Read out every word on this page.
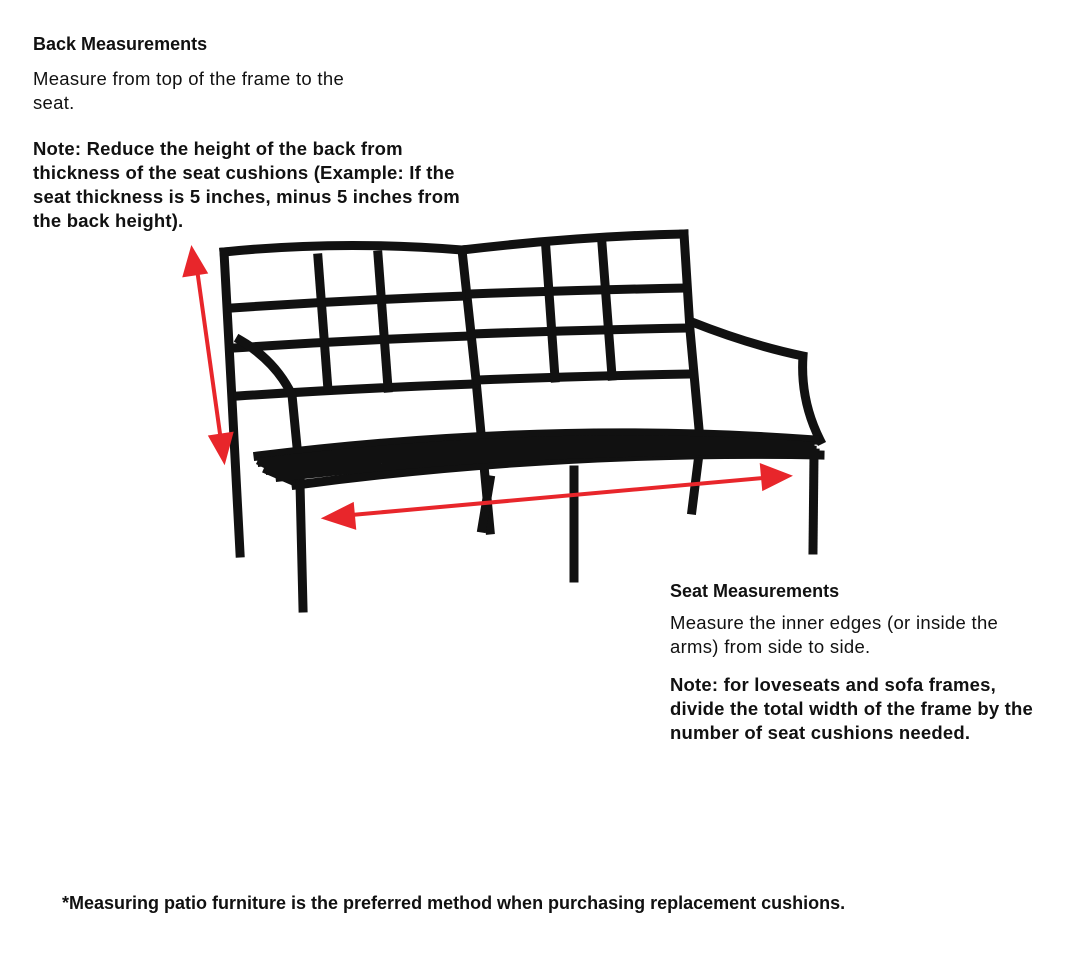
Back Measurements
Measure from top of the frame to the seat.
Note: Reduce the height of the back from thickness of the seat cushions (Example: If the seat thickness is 5 inches, minus 5 inches from the back height).
Seat Measurements
Measure the inner edges (or inside the arms) from side to side.
Note: for loveseats and sofa frames, divide the total width of the frame by the number of seat cushions needed.
*Measuring patio furniture is the preferred method when purchasing replacement cushions.
